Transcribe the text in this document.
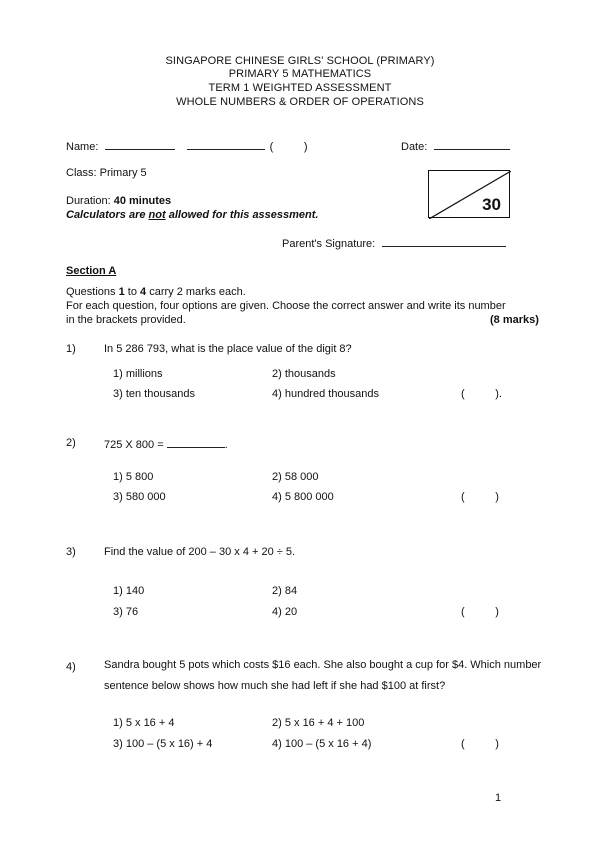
SINGAPORE CHINESE GIRLS' SCHOOL (PRIMARY)
PRIMARY 5 MATHEMATICS
TERM 1 WEIGHTED ASSESSMENT
WHOLE NUMBERS & ORDER OF OPERATIONS
Name:	(          )	Date:
Class: Primary 5
30
Duration: 40 minutes
Calculators are not allowed for this assessment.
Parent's Signature:
Section A
Questions 1 to 4 carry 2 marks each.
For each question, four options are given. Choose the correct answer and write its number
in the brackets provided.	(8 marks)
1)	In 5 286 793, what is the place value of the digit 8?
1) millions	2) thousands
3) ten thousands	4) hundred thousands	(          ).
2)	725 X 800 =	.
1) 5 800	2) 58 000
3) 580 000	4) 5 800 000	(          )
3)	Find the value of 200 – 30 x 4 + 20 ÷ 5.
1) 140	2) 84
3) 76	4) 20	(          )
4)	Sandra bought 5 pots which costs $16 each. She also bought a cup for $4. Which number sentence below shows how much she had left if she had $100 at first?
1) 5 x 16 + 4	2) 5 x 16 + 4 + 100
3) 100 – (5 x 16) + 4	4) 100 – (5 x 16 + 4)	(          )
1
